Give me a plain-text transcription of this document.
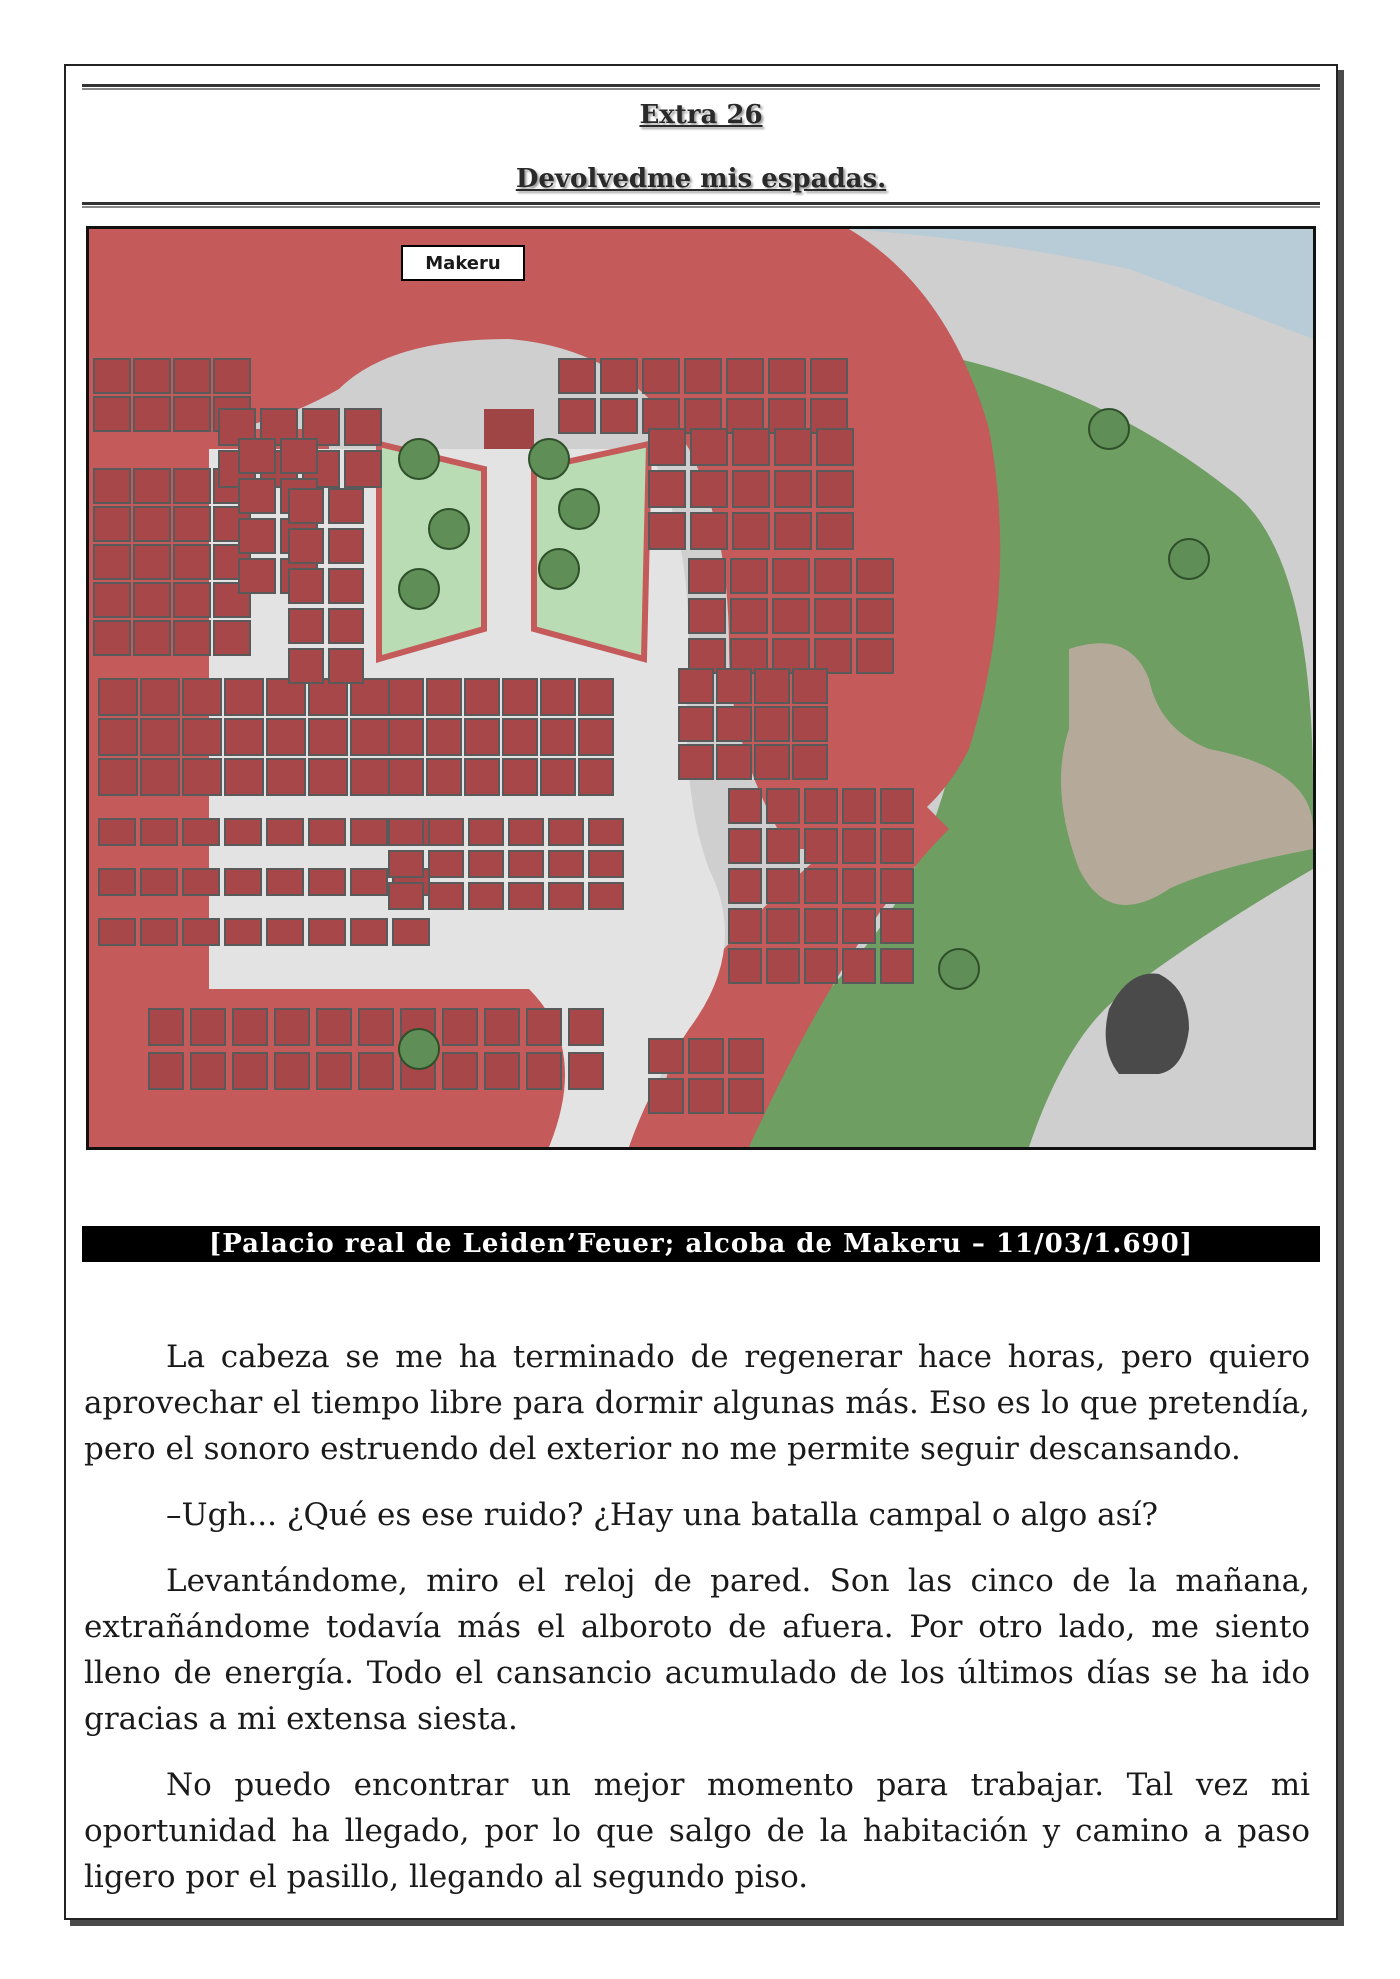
Extra 26
Devolvedme mis espadas.
Makeru
[Palacio real de Leiden’Feuer; alcoba de Makeru – 11/03/1.690]

La cabeza se me ha terminado de regenerar hace horas, pero quiero aprovechar el tiempo libre para dormir algunas más. Eso es lo que pretendía, pero el sonoro estruendo del exterior no me permite seguir descansando.

–Ugh... ¿Qué es ese ruido? ¿Hay una batalla campal o algo así?

Levantándome, miro el reloj de pared. Son las cinco de la mañana, extrañándome todavía más el alboroto de afuera. Por otro lado, me siento lleno de energía. Todo el cansancio acumulado de los últimos días se ha ido gracias a mi extensa siesta.

No puedo encontrar un mejor momento para trabajar. Tal vez mi oportunidad ha llegado, por lo que salgo de la habitación y camino a paso ligero por el pasillo, llegando al segundo piso.
